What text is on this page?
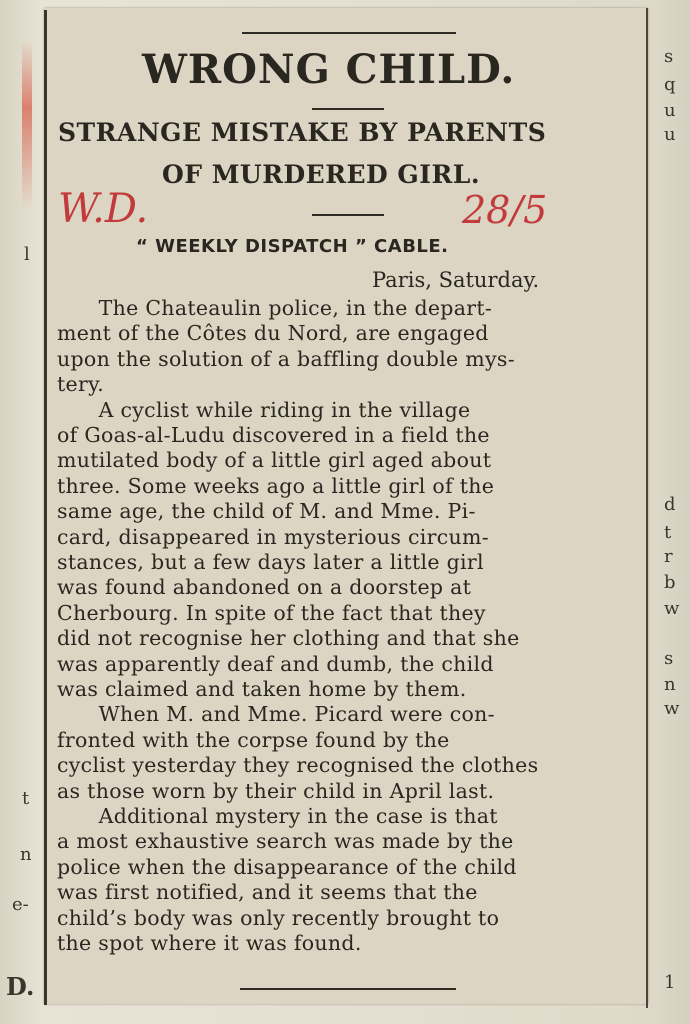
WRONG CHILD.
STRANGE MISTAKE BY PARENTS
OF MURDERED GIRL.
W.D.	28/5
“ WEEKLY DISPATCH ” CABLE.
Paris, Saturday.
  The Chateaulin police, in the depart-
ment of the Côtes du Nord, are engaged
upon the solution of a baffling double mys-
tery.
  A cyclist while riding in the village
of Goas-al-Ludu discovered in a field the
mutilated body of a little girl aged about
three. Some weeks ago a little girl of the
same age, the child of M. and Mme. Pi-
card, disappeared in mysterious circum-
stances, but a few days later a little girl
was found abandoned on a doorstep at
Cherbourg. In spite of the fact that they
did not recognise her clothing and that she
was apparently deaf and dumb, the child
was claimed and taken home by them.
  When M. and Mme. Picard were con-
fronted with the corpse found by the
cyclist yesterday they recognised the clothes
as those worn by their child in April last.
  Additional mystery in the case is that
a most exhaustive search was made by the
police when the disappearance of the child
was first notified, and it seems that the
child’s body was only recently brought to
the spot where it was found.
s
q
u
u
d
t
r
b
w
s
n
w
1
l
t
n
e-
D.
